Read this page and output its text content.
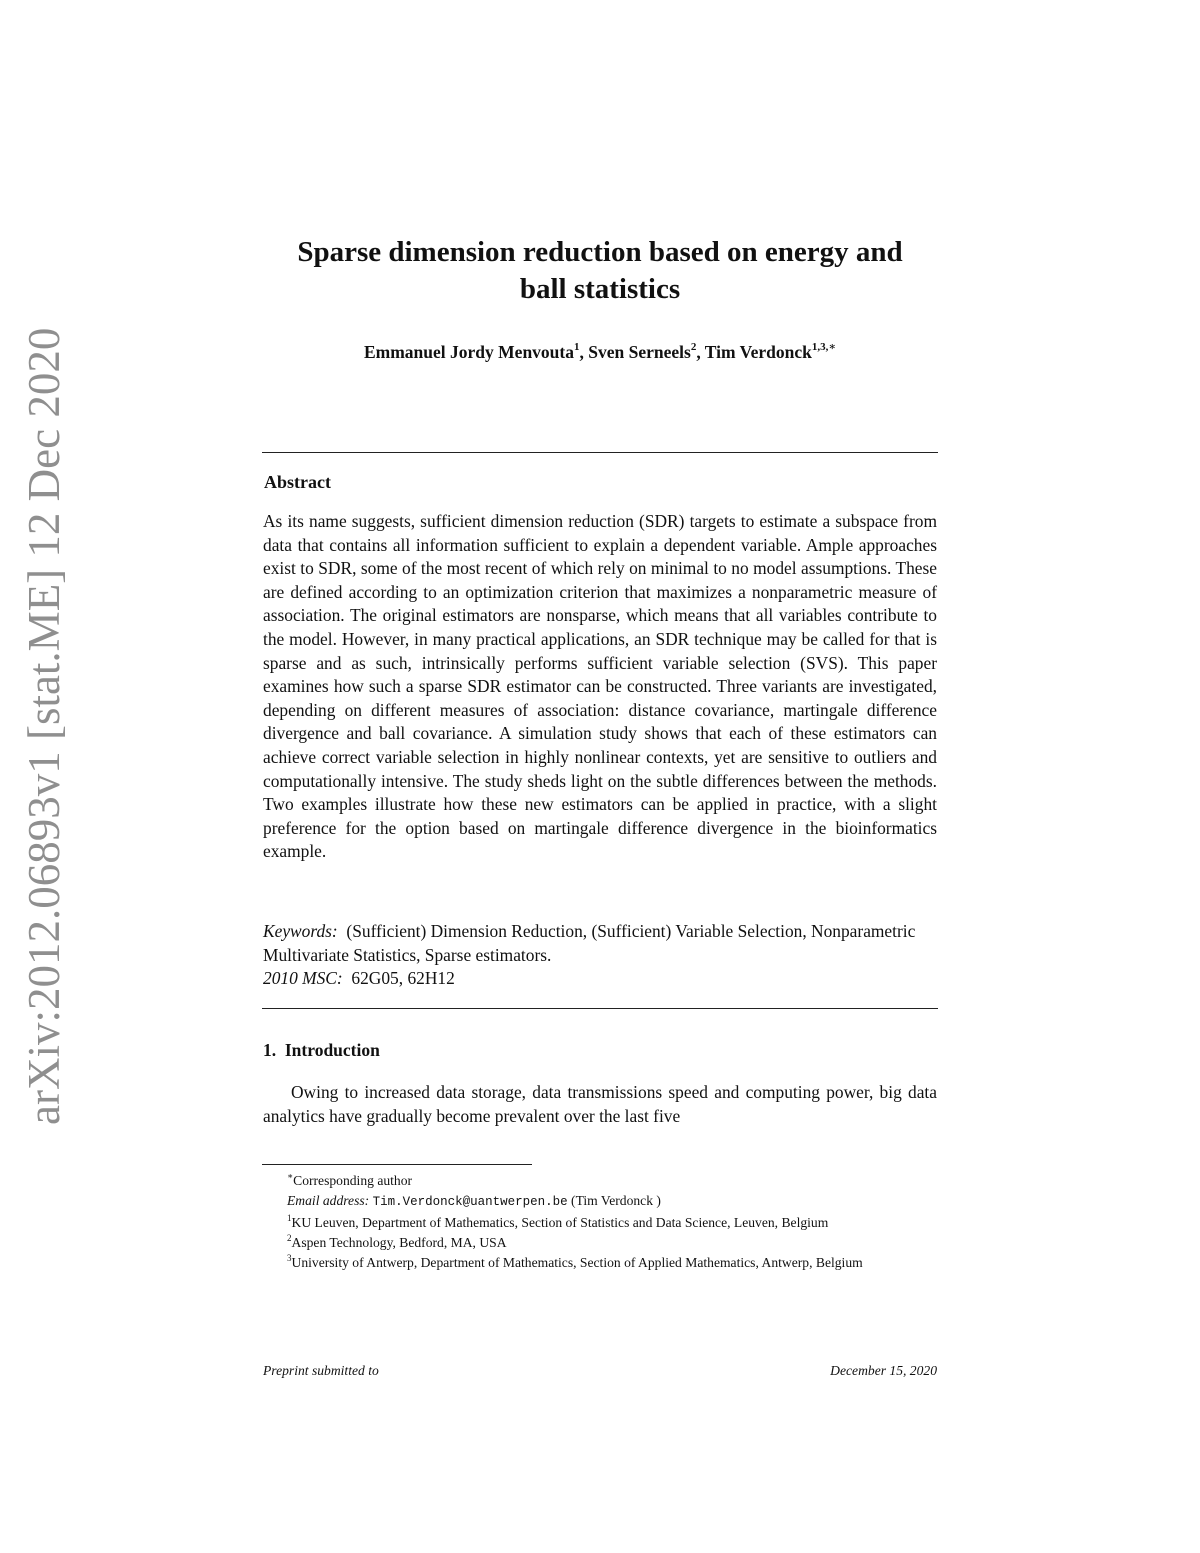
arXiv:2012.06893v1 [stat.ME] 12 Dec 2020
Sparse dimension reduction based on energy and
ball statistics
Emmanuel Jordy Menvouta$^1$, Sven Serneels$^2$, Tim Verdonck$^{1,3,∗}$
Abstract
As its name suggests, sufficient dimension reduction (SDR) targets to estimate a subspace from data that contains all information sufficient to explain a dependent variable. Ample approaches exist to SDR, some of the most recent of which rely on minimal to no model assumptions. These are defined according to an optimization criterion that maximizes a nonparametric measure of association. The original estimators are nonsparse, which means that all variables contribute to the model. However, in many practical applications, an SDR technique may be called for that is sparse and as such, intrinsically performs sufficient variable selection (SVS). This paper examines how such a sparse SDR estimator can be constructed. Three variants are investigated, depending on different measures of association: distance covariance, martingale difference divergence and ball covariance. A simulation study shows that each of these estimators can achieve correct variable selection in highly nonlinear contexts, yet are sensitive to outliers and computationally intensive. The study sheds light on the subtle differences between the methods. Two examples illustrate how these new estimators can be applied in practice, with a slight preference for the option based on martingale difference divergence in the bioinformatics example.
Keywords: (Sufficient) Dimension Reduction, (Sufficient) Variable Selection, Nonparametric Multivariate Statistics, Sparse estimators.
2010 MSC: 62G05, 62H12
1. Introduction
Owing to increased data storage, data transmissions speed and computing power, big data analytics have gradually become prevalent over the last five
∗Corresponding author
Email address: Tim.Verdonck@uantwerpen.be (Tim Verdonck )
$^1$KU Leuven, Department of Mathematics, Section of Statistics and Data Science, Leuven, Belgium
$^2$Aspen Technology, Bedford, MA, USA
$^3$University of Antwerp, Department of Mathematics, Section of Applied Mathematics, Antwerp, Belgium
Preprint submitted to	December 15, 2020
